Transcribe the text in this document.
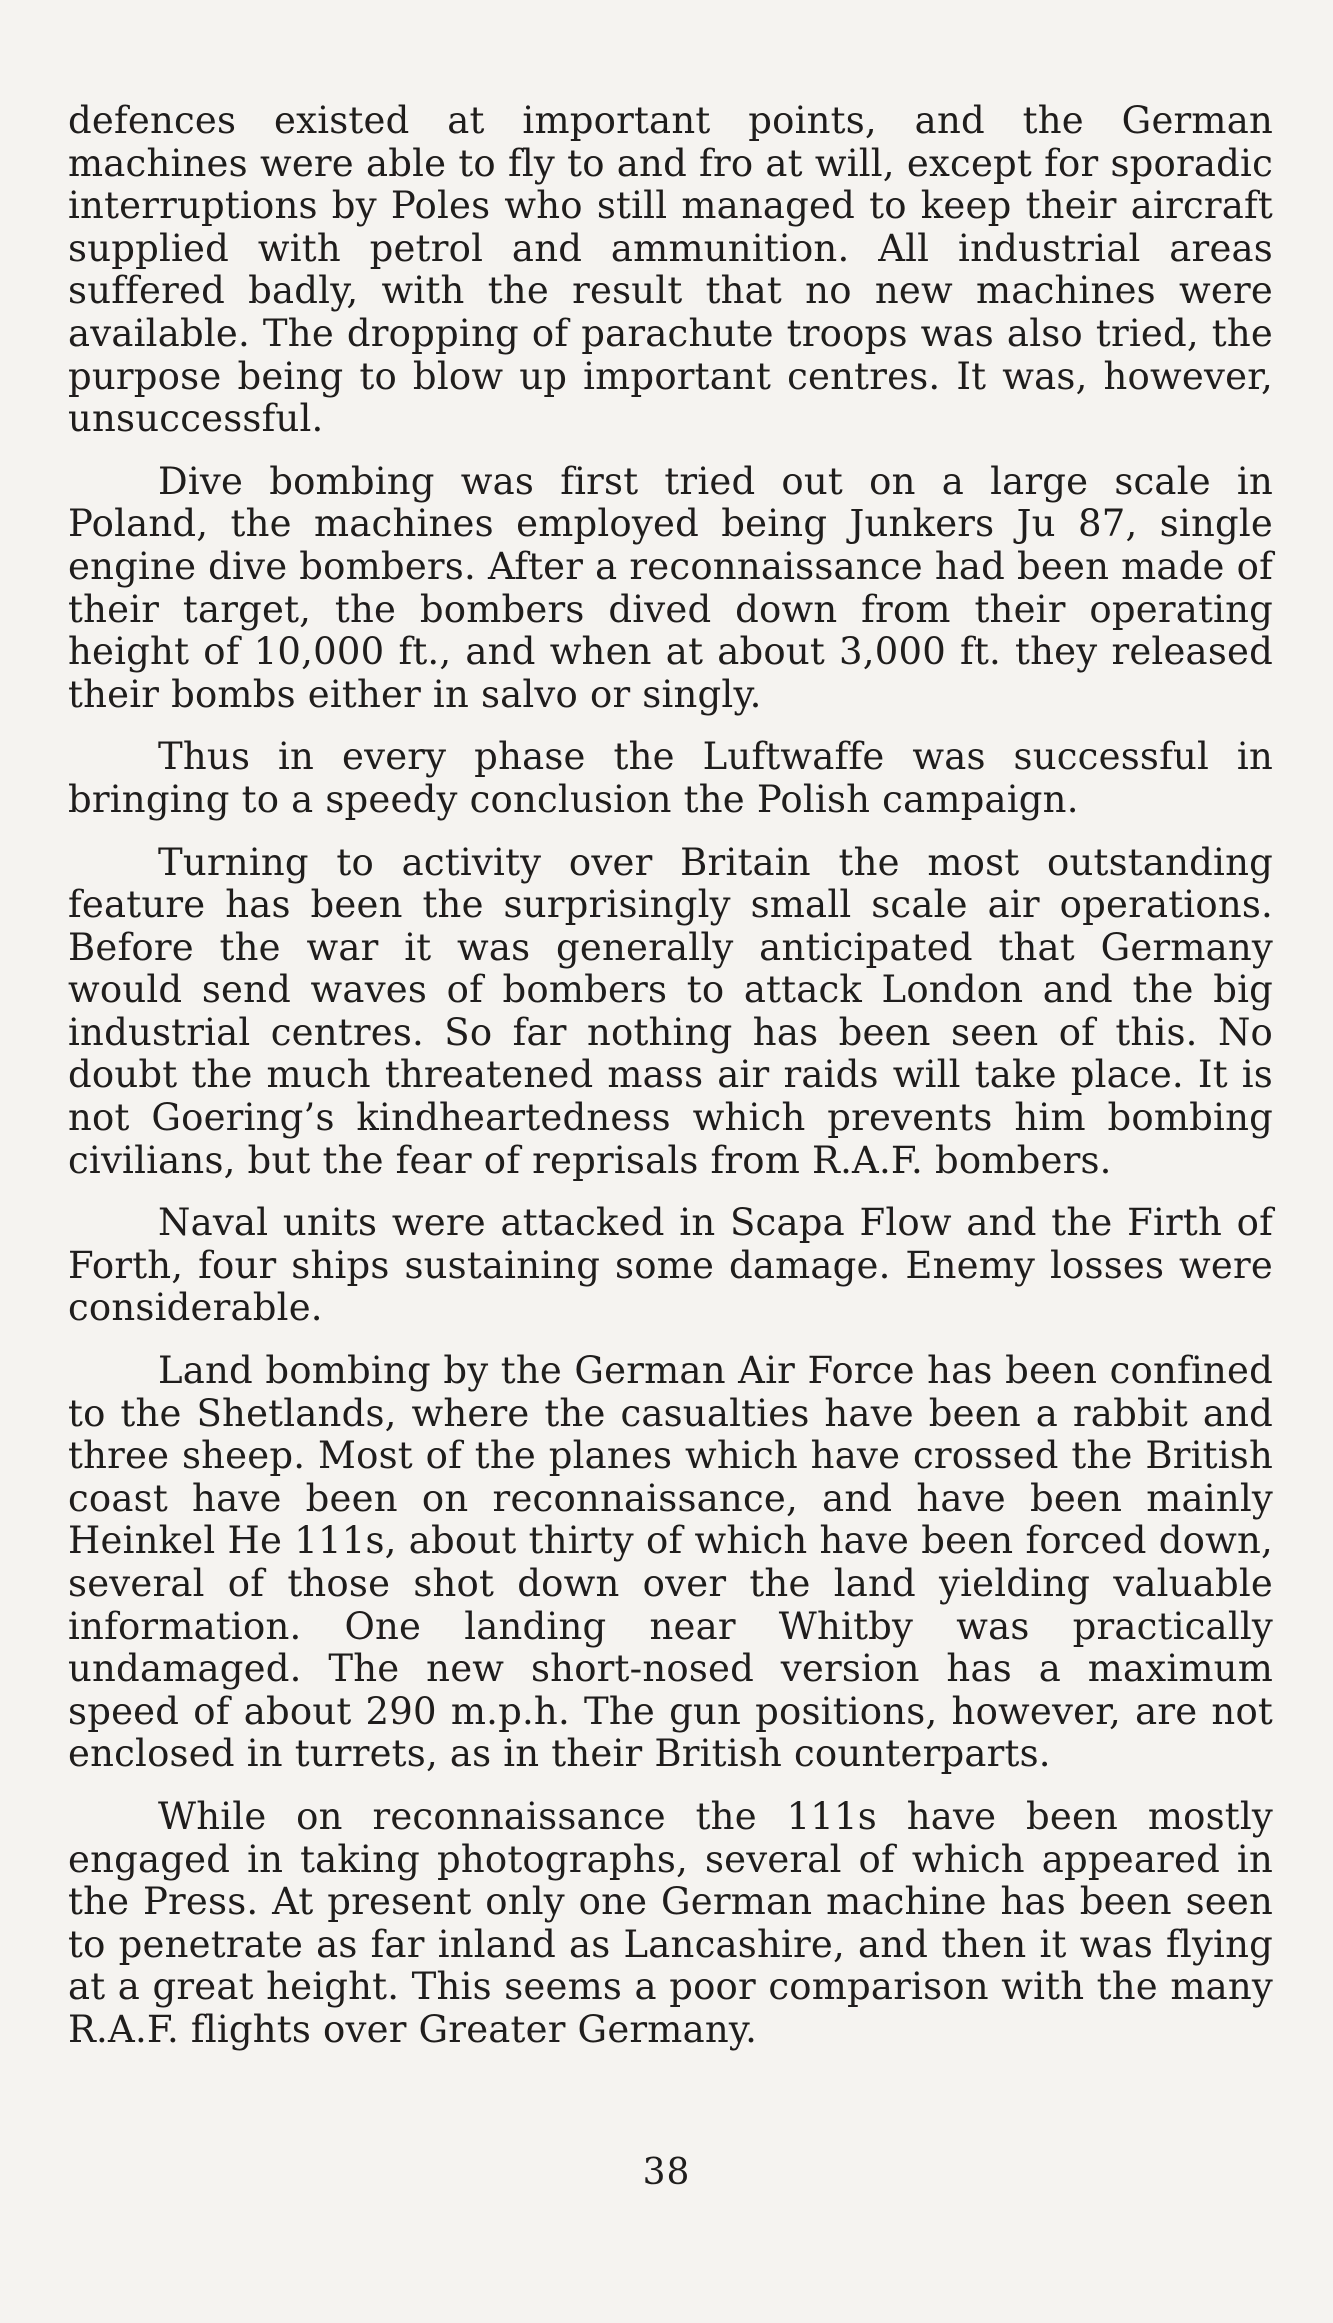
defences existed at important points, and the German machines were able to fly to and fro at will, except for sporadic interruptions by Poles who still managed to keep their aircraft supplied with petrol and ammunition. All industrial areas suffered badly, with the result that no new machines were available. The dropping of parachute troops was also tried, the purpose being to blow up important centres. It was, however, unsuccessful.

Dive bombing was first tried out on a large scale in Poland, the machines employed being Junkers Ju 87, single engine dive bombers. After a reconnaissance had been made of their target, the bombers dived down from their operating height of 10,000 ft., and when at about 3,000 ft. they released their bombs either in salvo or singly.

Thus in every phase the Luftwaffe was successful in bringing to a speedy conclusion the Polish campaign.

Turning to activity over Britain the most outstanding feature has been the surprisingly small scale air operations. Before the war it was generally anticipated that Germany would send waves of bombers to attack London and the big industrial centres. So far nothing has been seen of this. No doubt the much threatened mass air raids will take place. It is not Goering’s kindheartedness which prevents him bombing civilians, but the fear of reprisals from R.A.F. bombers.

Naval units were attacked in Scapa Flow and the Firth of Forth, four ships sustaining some damage. Enemy losses were considerable.

Land bombing by the German Air Force has been confined to the Shetlands, where the casualties have been a rabbit and three sheep. Most of the planes which have crossed the British coast have been on reconnaissance, and have been mainly Heinkel He 111s, about thirty of which have been forced down, several of those shot down over the land yielding valuable information. One landing near Whitby was practically undamaged. The new short-nosed version has a maximum speed of about 290 m.p.h. The gun positions, however, are not enclosed in turrets, as in their British counterparts.

While on reconnaissance the 111s have been mostly engaged in taking photographs, several of which appeared in the Press. At present only one German machine has been seen to penetrate as far inland as Lancashire, and then it was flying at a great height. This seems a poor comparison with the many R.A.F. flights over Greater Germany.

38
